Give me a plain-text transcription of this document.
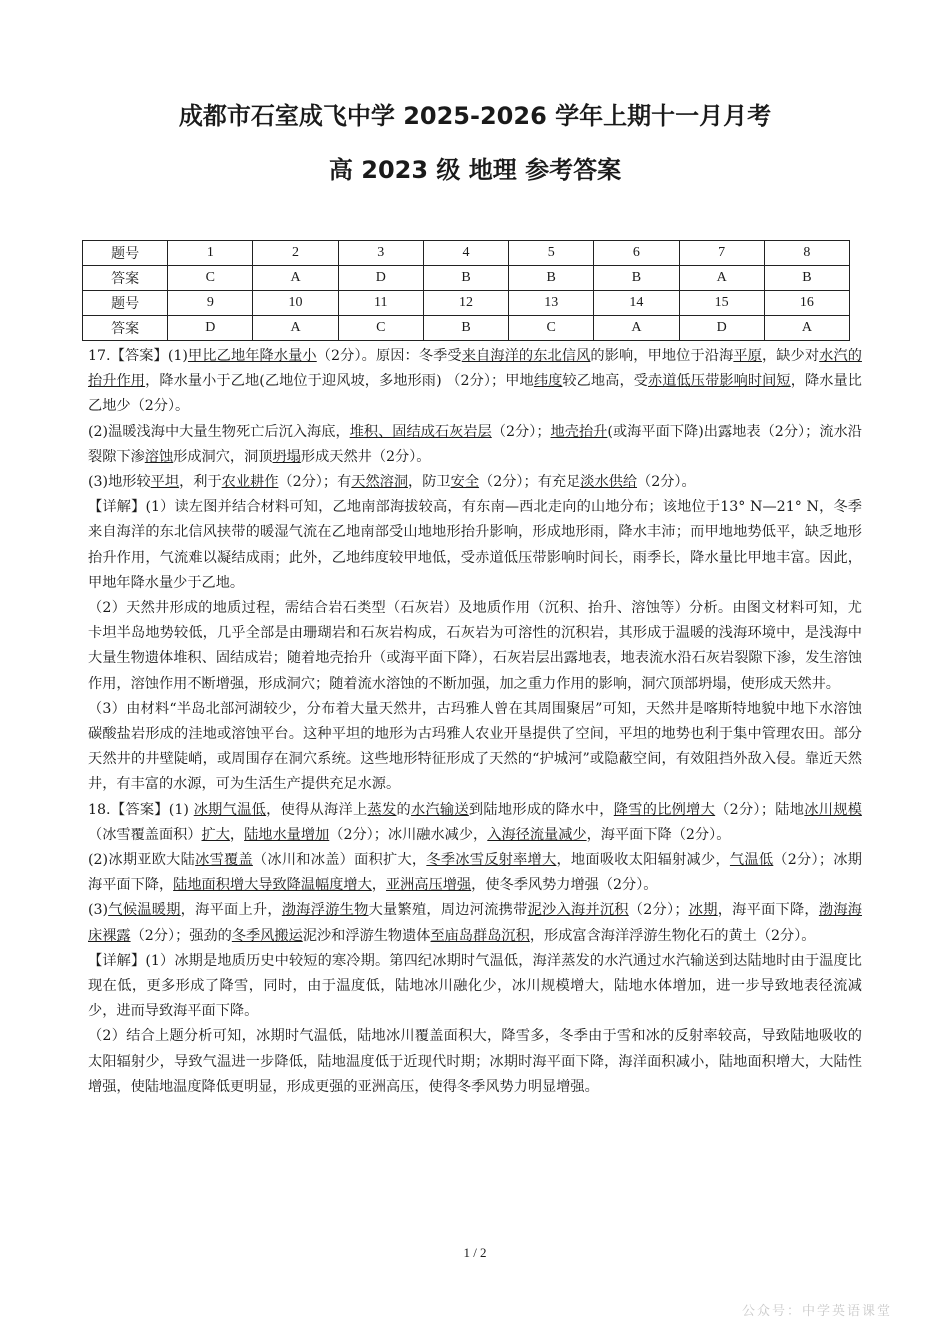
成都市石室成飞中学 2025-2026 学年上期十一月月考
高 2023 级 地理 参考答案
题号	1	2	3	4	5	6	7	8
答案	C	A	D	B	B	B	A	B
题号	9	10	11	12	13	14	15	16
答案	D	A	C	B	C	A	D	A

17.【答案】(1)甲比乙地年降水量小（2分）。原因：冬季受来自海洋的东北信风的影响，甲地位于沿海平原，缺少对水汽的抬升作用，降水量小于乙地(乙地位于迎风坡，多地形雨) （2分）；甲地纬度较乙地高，受赤道低压带影响时间短，降水量比乙地少（2分）。

(2)温暖浅海中大量生物死亡后沉入海底，堆积、固结成石灰岩层（2分）；地壳抬升(或海平面下降)出露地表（2分）；流水沿裂隙下渗溶蚀形成洞穴，洞顶坍塌形成天然井（2分）。

(3)地形较平坦，利于农业耕作（2分）；有天然溶洞，防卫安全（2分）；有充足淡水供给（2分）。

【详解】(1）读左图并结合材料可知，乙地南部海拔较高，有东南—西北走向的山地分布；该地位于13° N—21° N，冬季来自海洋的东北信风挟带的暖湿气流在乙地南部受山地地形抬升影响，形成地形雨，降水丰沛；而甲地地势低平，缺乏地形抬升作用，气流难以凝结成雨；此外，乙地纬度较甲地低，受赤道低压带影响时间长，雨季长，降水量比甲地丰富。因此，甲地年降水量少于乙地。

（2）天然井形成的地质过程，需结合岩石类型（石灰岩）及地质作用（沉积、抬升、溶蚀等）分析。由图文材料可知，尤卡坦半岛地势较低，几乎全部是由珊瑚岩和石灰岩构成，石灰岩为可溶性的沉积岩，其形成于温暖的浅海环境中，是浅海中大量生物遗体堆积、固结成岩；随着地壳抬升（或海平面下降），石灰岩层出露地表，地表流水沿石灰岩裂隙下渗，发生溶蚀作用，溶蚀作用不断增强，形成洞穴；随着流水溶蚀的不断加强，加之重力作用的影响，洞穴顶部坍塌，使形成天然井。

（3）由材料“半岛北部河湖较少，分布着大量天然井，古玛雅人曾在其周围聚居”可知，天然井是喀斯特地貌中地下水溶蚀碳酸盐岩形成的洼地或溶蚀平台。这种平坦的地形为古玛雅人农业开垦提供了空间，平坦的地势也利于集中管理农田。部分天然井的井壁陡峭，或周围存在洞穴系统。这些地形特征形成了天然的“护城河”或隐蔽空间，有效阻挡外敌入侵。靠近天然井，有丰富的水源，可为生活生产提供充足水源。

18.【答案】(1) 冰期气温低，使得从海洋上蒸发的水汽输送到陆地形成的降水中，降雪的比例增大（2分）；陆地冰川规模（冰雪覆盖面积）扩大，陆地水量增加（2分）；冰川融水减少，入海径流量减少，海平面下降（2分）。

(2)冰期亚欧大陆冰雪覆盖（冰川和冰盖）面积扩大，冬季冰雪反射率增大，地面吸收太阳辐射减少，气温低（2分）；冰期海平面下降，陆地面积增大导致降温幅度增大，亚洲高压增强，使冬季风势力增强（2分）。

(3)气候温暖期，海平面上升，渤海浮游生物大量繁殖，周边河流携带泥沙入海并沉积（2分）；冰期，海平面下降，渤海海床裸露（2分）；强劲的冬季风搬运泥沙和浮游生物遗体至庙岛群岛沉积，形成富含海洋浮游生物化石的黄土（2分）。

【详解】(1）冰期是地质历史中较短的寒冷期。第四纪冰期时气温低，海洋蒸发的水汽通过水汽输送到达陆地时由于温度比现在低，更多形成了降雪，同时，由于温度低，陆地冰川融化少，冰川规模增大，陆地水体增加，进一步导致地表径流减少，进而导致海平面下降。

（2）结合上题分析可知，冰期时气温低，陆地冰川覆盖面积大，降雪多，冬季由于雪和冰的反射率较高，导致陆地吸收的太阳辐射少，导致气温进一步降低，陆地温度低于近现代时期；冰期时海平面下降，海洋面积减小，陆地面积增大，大陆性增强，使陆地温度降低更明显，形成更强的亚洲高压，使得冬季风势力明显增强。

1 / 2
公众号：中学英语课堂
